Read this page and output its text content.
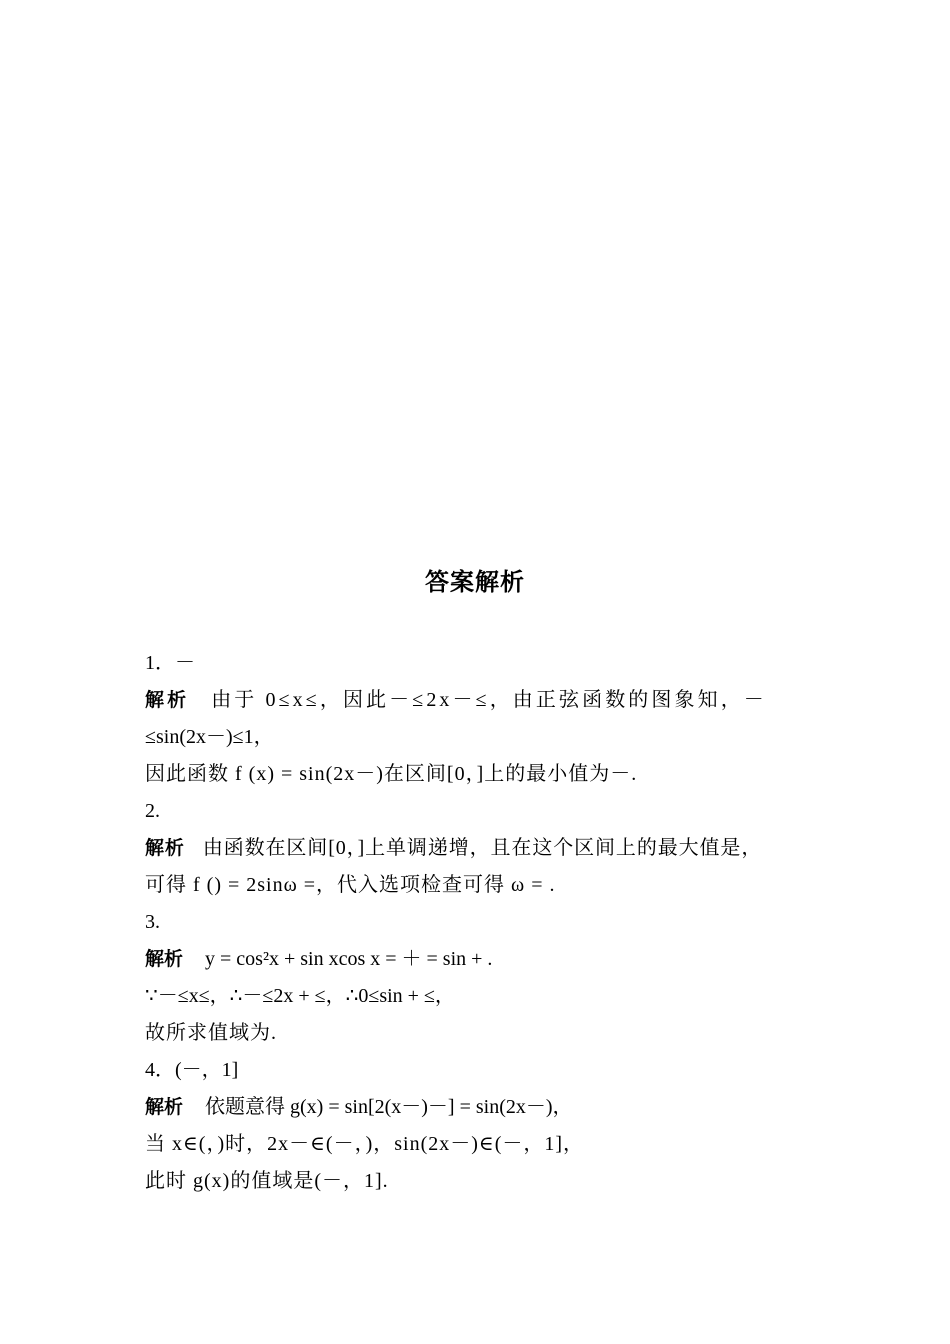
答案解析
1．－
解析 由于 0≤x≤，因此－≤2x－≤，由正弦函数的图象知，－
≤sin(2x－)≤1，
因此函数 f (x) = sin(2x－)在区间[0，]上的最小值为－.
2.
解析 由函数在区间[0，]上单调递增，且在这个区间上的最大值是，
可得 f () = 2sinω =，代入选项检查可得 ω = .
3.
解析 y = cos²x + sin xcos x = ＋ = sin + .
∵－≤x≤，∴－≤2x + ≤，∴0≤sin + ≤，
故所求值域为.
4．(－，1]
解析 依题意得 g(x) = sin[2(x－)－] = sin(2x－)，
当 x∈(，)时，2x－∈(－，)，sin(2x－)∈(－，1]，
此时 g(x)的值域是(－，1].
